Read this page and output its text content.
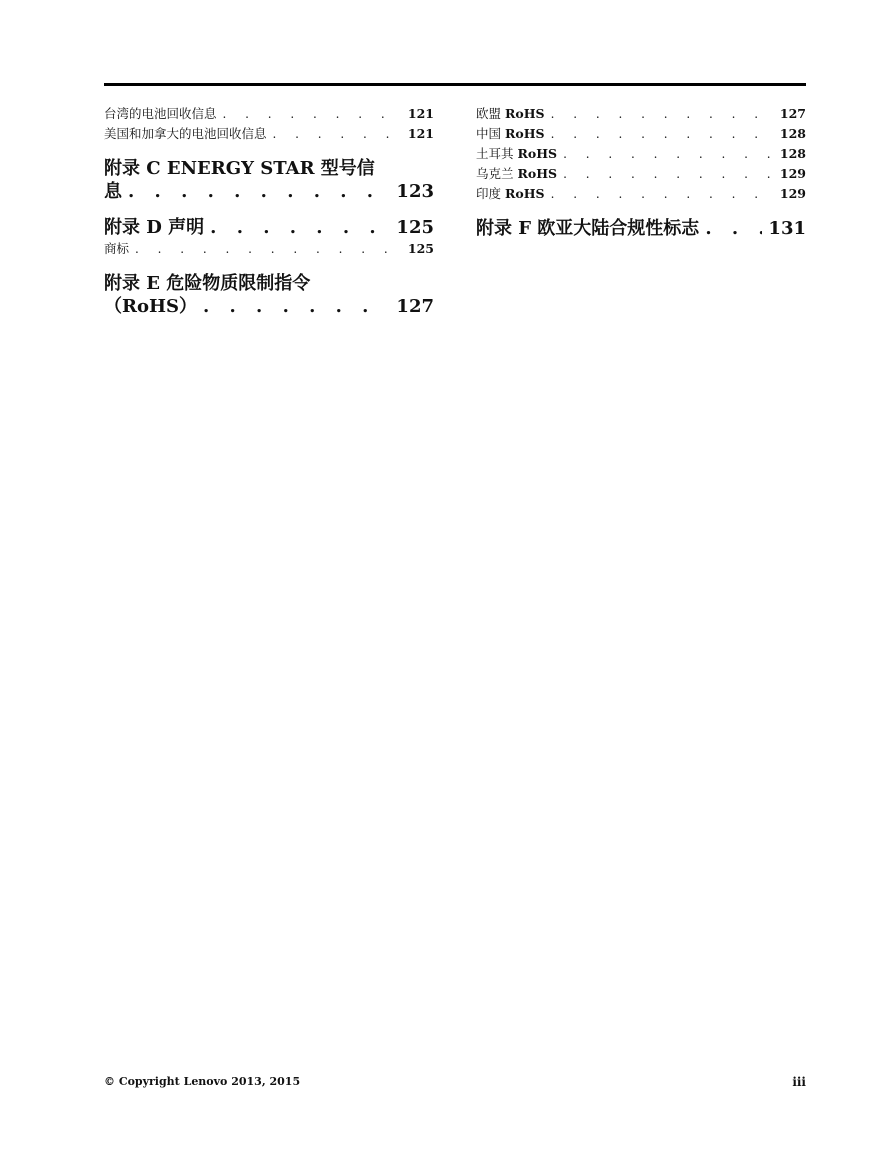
台湾的电池回收信息 . . .	121
美国和加拿大的电池回收信息 . . .	121
附录 C ENERGY STAR 型号信
息 . . .	123
附录 D 声明 . . .	125
商标 . . .	125
附录 E 危险物质限制指令
（RoHS） . . .	127
欧盟 RoHS . . .	127
中国 RoHS . . .	128
土耳其 RoHS . . .	128
乌克兰 RoHS . . .	129
印度 RoHS . . .	129
附录 F 欧亚大陆合规性标志 . . .	131
© Copyright Lenovo 2013, 2015	iii
